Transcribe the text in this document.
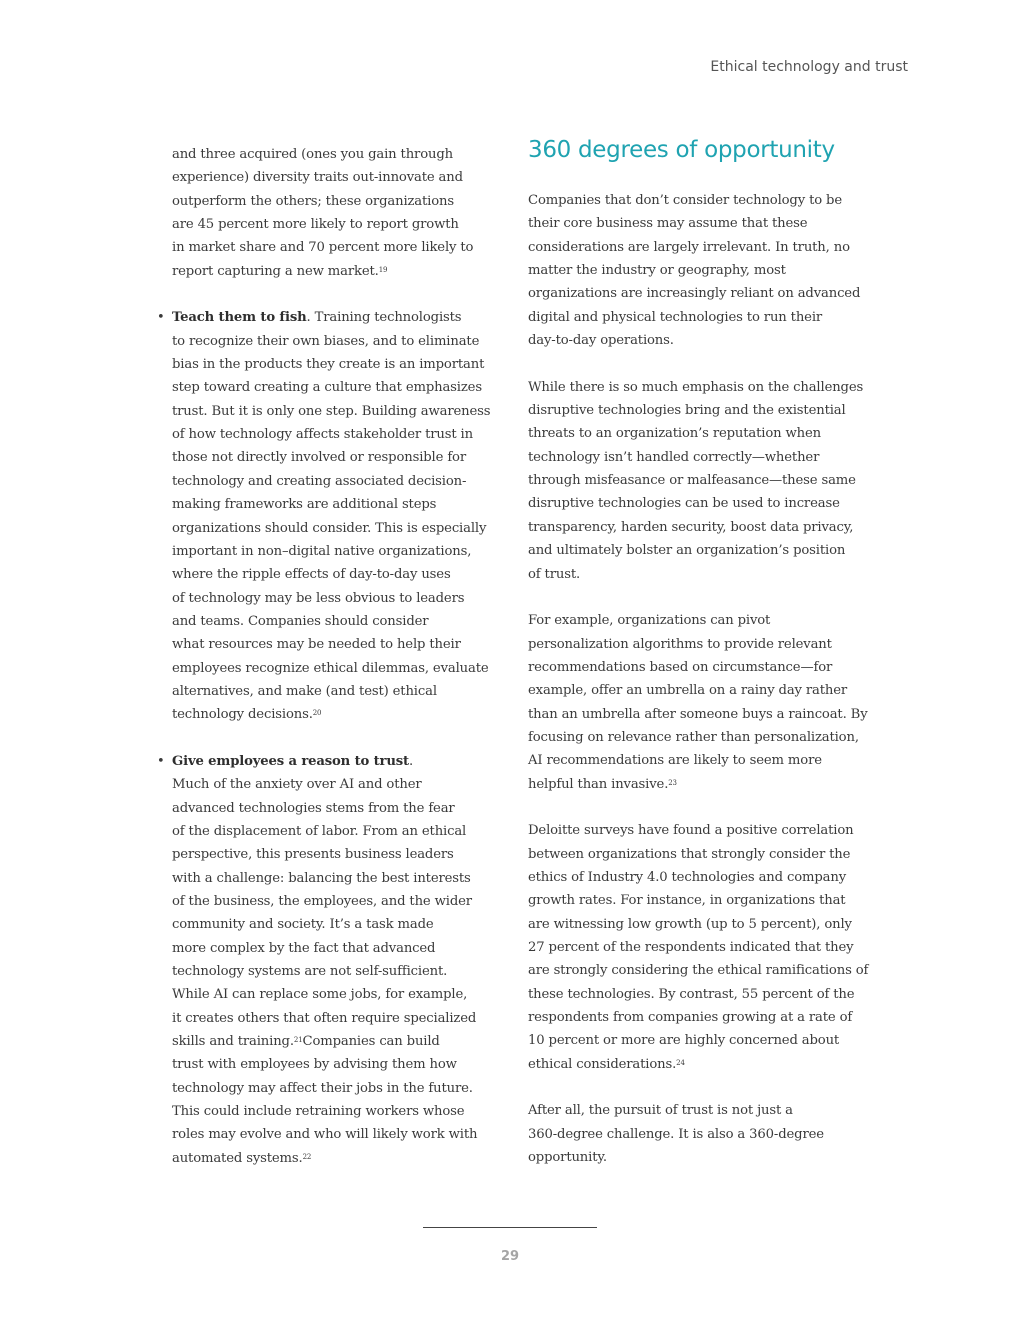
Ethical technology and trust

and three acquired (ones you gain through
experience) diversity traits out-innovate and
outperform the others; these organizations
are 45 percent more likely to report growth
in market share and 70 percent more likely to
report capturing a new market.$^{19}$

• Teach them to fish. Training technologists
to recognize their own biases, and to eliminate
bias in the products they create is an important
step toward creating a culture that emphasizes
trust. But it is only one step. Building awareness
of how technology affects stakeholder trust in
those not directly involved or responsible for
technology and creating associated decision-
making frameworks are additional steps
organizations should consider. This is especially
important in non–digital native organizations,
where the ripple effects of day-to-day uses
of technology may be less obvious to leaders
and teams. Companies should consider
what resources may be needed to help their
employees recognize ethical dilemmas, evaluate
alternatives, and make (and test) ethical
technology decisions.$^{20}$

• Give employees a reason to trust.
Much of the anxiety over AI and other
advanced technologies stems from the fear
of the displacement of labor. From an ethical
perspective, this presents business leaders
with a challenge: balancing the best interests
of the business, the employees, and the wider
community and society. It’s a task made
more complex by the fact that advanced
technology systems are not self-sufficient.
While AI can replace some jobs, for example,
it creates others that often require specialized
skills and training.$^{21}$Companies can build
trust with employees by advising them how
technology may affect their jobs in the future.
This could include retraining workers whose
roles may evolve and who will likely work with
automated systems.$^{22}$

360 degrees of opportunity

Companies that don’t consider technology to be
their core business may assume that these
considerations are largely irrelevant. In truth, no
matter the industry or geography, most
organizations are increasingly reliant on advanced
digital and physical technologies to run their
day-to-day operations.

While there is so much emphasis on the challenges
disruptive technologies bring and the existential
threats to an organization’s reputation when
technology isn’t handled correctly—whether
through misfeasance or malfeasance—these same
disruptive technologies can be used to increase
transparency, harden security, boost data privacy,
and ultimately bolster an organization’s position
of trust.

For example, organizations can pivot
personalization algorithms to provide relevant
recommendations based on circumstance—for
example, offer an umbrella on a rainy day rather
than an umbrella after someone buys a raincoat. By
focusing on relevance rather than personalization,
AI recommendations are likely to seem more
helpful than invasive.$^{23}$

Deloitte surveys have found a positive correlation
between organizations that strongly consider the
ethics of Industry 4.0 technologies and company
growth rates. For instance, in organizations that
are witnessing low growth (up to 5 percent), only
27 percent of the respondents indicated that they
are strongly considering the ethical ramifications of
these technologies. By contrast, 55 percent of the
respondents from companies growing at a rate of
10 percent or more are highly concerned about
ethical considerations.$^{24}$

After all, the pursuit of trust is not just a
360-degree challenge. It is also a 360-degree
opportunity.

29
